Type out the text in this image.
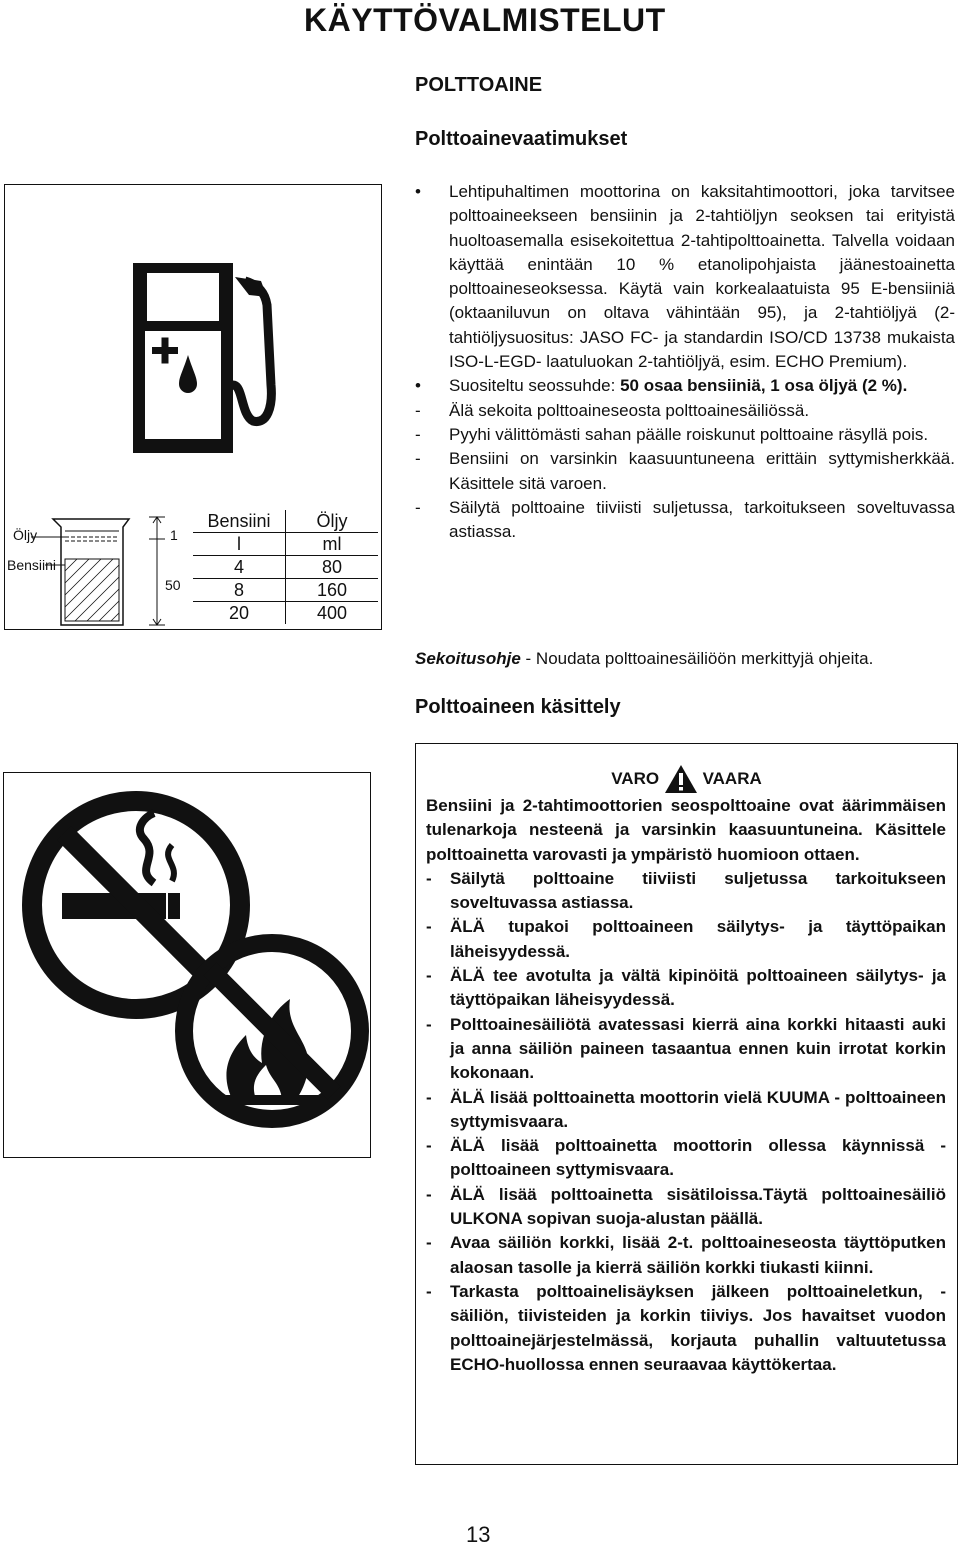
KÄYTTÖVALMISTELUT
POLTTOAINE
Polttoainevaatimukset
Öljy
Bensiini
1
50
Bensiini	Öljy
l	ml
4	80
8	160
20	400
•	Lehtipuhaltimen moottorina on kaksitahtimoottori, joka tarvitsee polttoaineekseen bensiinin ja 2-tahtiöljyn seoksen tai erityistä huoltoasemalla esisekoitettua 2-tahtipolttoainetta. Talvella voidaan käyttää enintään 10 % etanolipohjaista jäänestoainetta polttoaineseoksessa. Käytä vain korkealaatuista 95 E-bensiiniä (oktaaniluvun on oltava vähintään 95), ja 2-tahtiöljyä (2-tahtiöljysuositus: JASO FC- ja standardin ISO/CD 13738 mukaista ISO-L-EGD- laatuluokan 2-tahtiöljyä, esim. ECHO Premium).
•	Suositeltu seossuhde: 50 osaa bensiiniä, 1 osa öljyä (2 %).
-	Älä sekoita polttoaineseosta polttoainesäiliössä.
-	Pyyhi välittömästi sahan päälle roiskunut polttoaine räsyllä pois.
-	Bensiini on varsinkin kaasuuntuneena erittäin syttymisherkkää. Käsittele sitä varoen.
-	Säilytä polttoaine tiiviisti suljetussa, tarkoitukseen soveltuvassa astiassa.
Sekoitusohje - Noudata polttoainesäiliöön merkittyjä ohjeita.
Polttoaineen käsittely
VARO	VAARA
Bensiini ja 2-tahtimoottorien seospolttoaine ovat äärimmäisen tulenarkoja nesteenä ja varsinkin kaasuuntuneina. Käsittele polttoainetta varovasti ja ympäristö huomioon ottaen.
- Säilytä polttoaine tiiviisti suljetussa tarkoitukseen soveltuvassa astiassa.
- ÄLÄ tupakoi polttoaineen säilytys- ja täyttöpaikan läheisyydessä.
- ÄLÄ tee avotulta ja vältä kipinöitä polttoaineen säilytys- ja täyttöpaikan läheisyydessä.
- Polttoainesäiliötä avatessasi kierrä aina korkki hitaasti auki ja anna säiliön paineen tasaantua ennen kuin irrotat korkin kokonaan.
- ÄLÄ lisää polttoainetta moottorin vielä KUUMA - polttoaineen syttymisvaara.
- ÄLÄ lisää polttoainetta moottorin ollessa käynnissä - polttoaineen syttymisvaara.
- ÄLÄ lisää polttoainetta sisätiloissa.Täytä polttoainesäiliö ULKONA sopivan suoja-alustan päällä.
- Avaa säiliön korkki, lisää 2-t. polttoaineseosta täyttöputken alaosan tasolle ja kierrä säiliön korkki tiukasti kiinni.
- Tarkasta polttoainelisäyksen jälkeen polttoaineletkun, -säiliön, tiivisteiden ja korkin tiiviys. Jos havaitset vuodon polttoainejärjestelmässä, korjauta puhallin valtuutetussa ECHO-huollossa ennen seuraavaa käyttökertaa.
13
